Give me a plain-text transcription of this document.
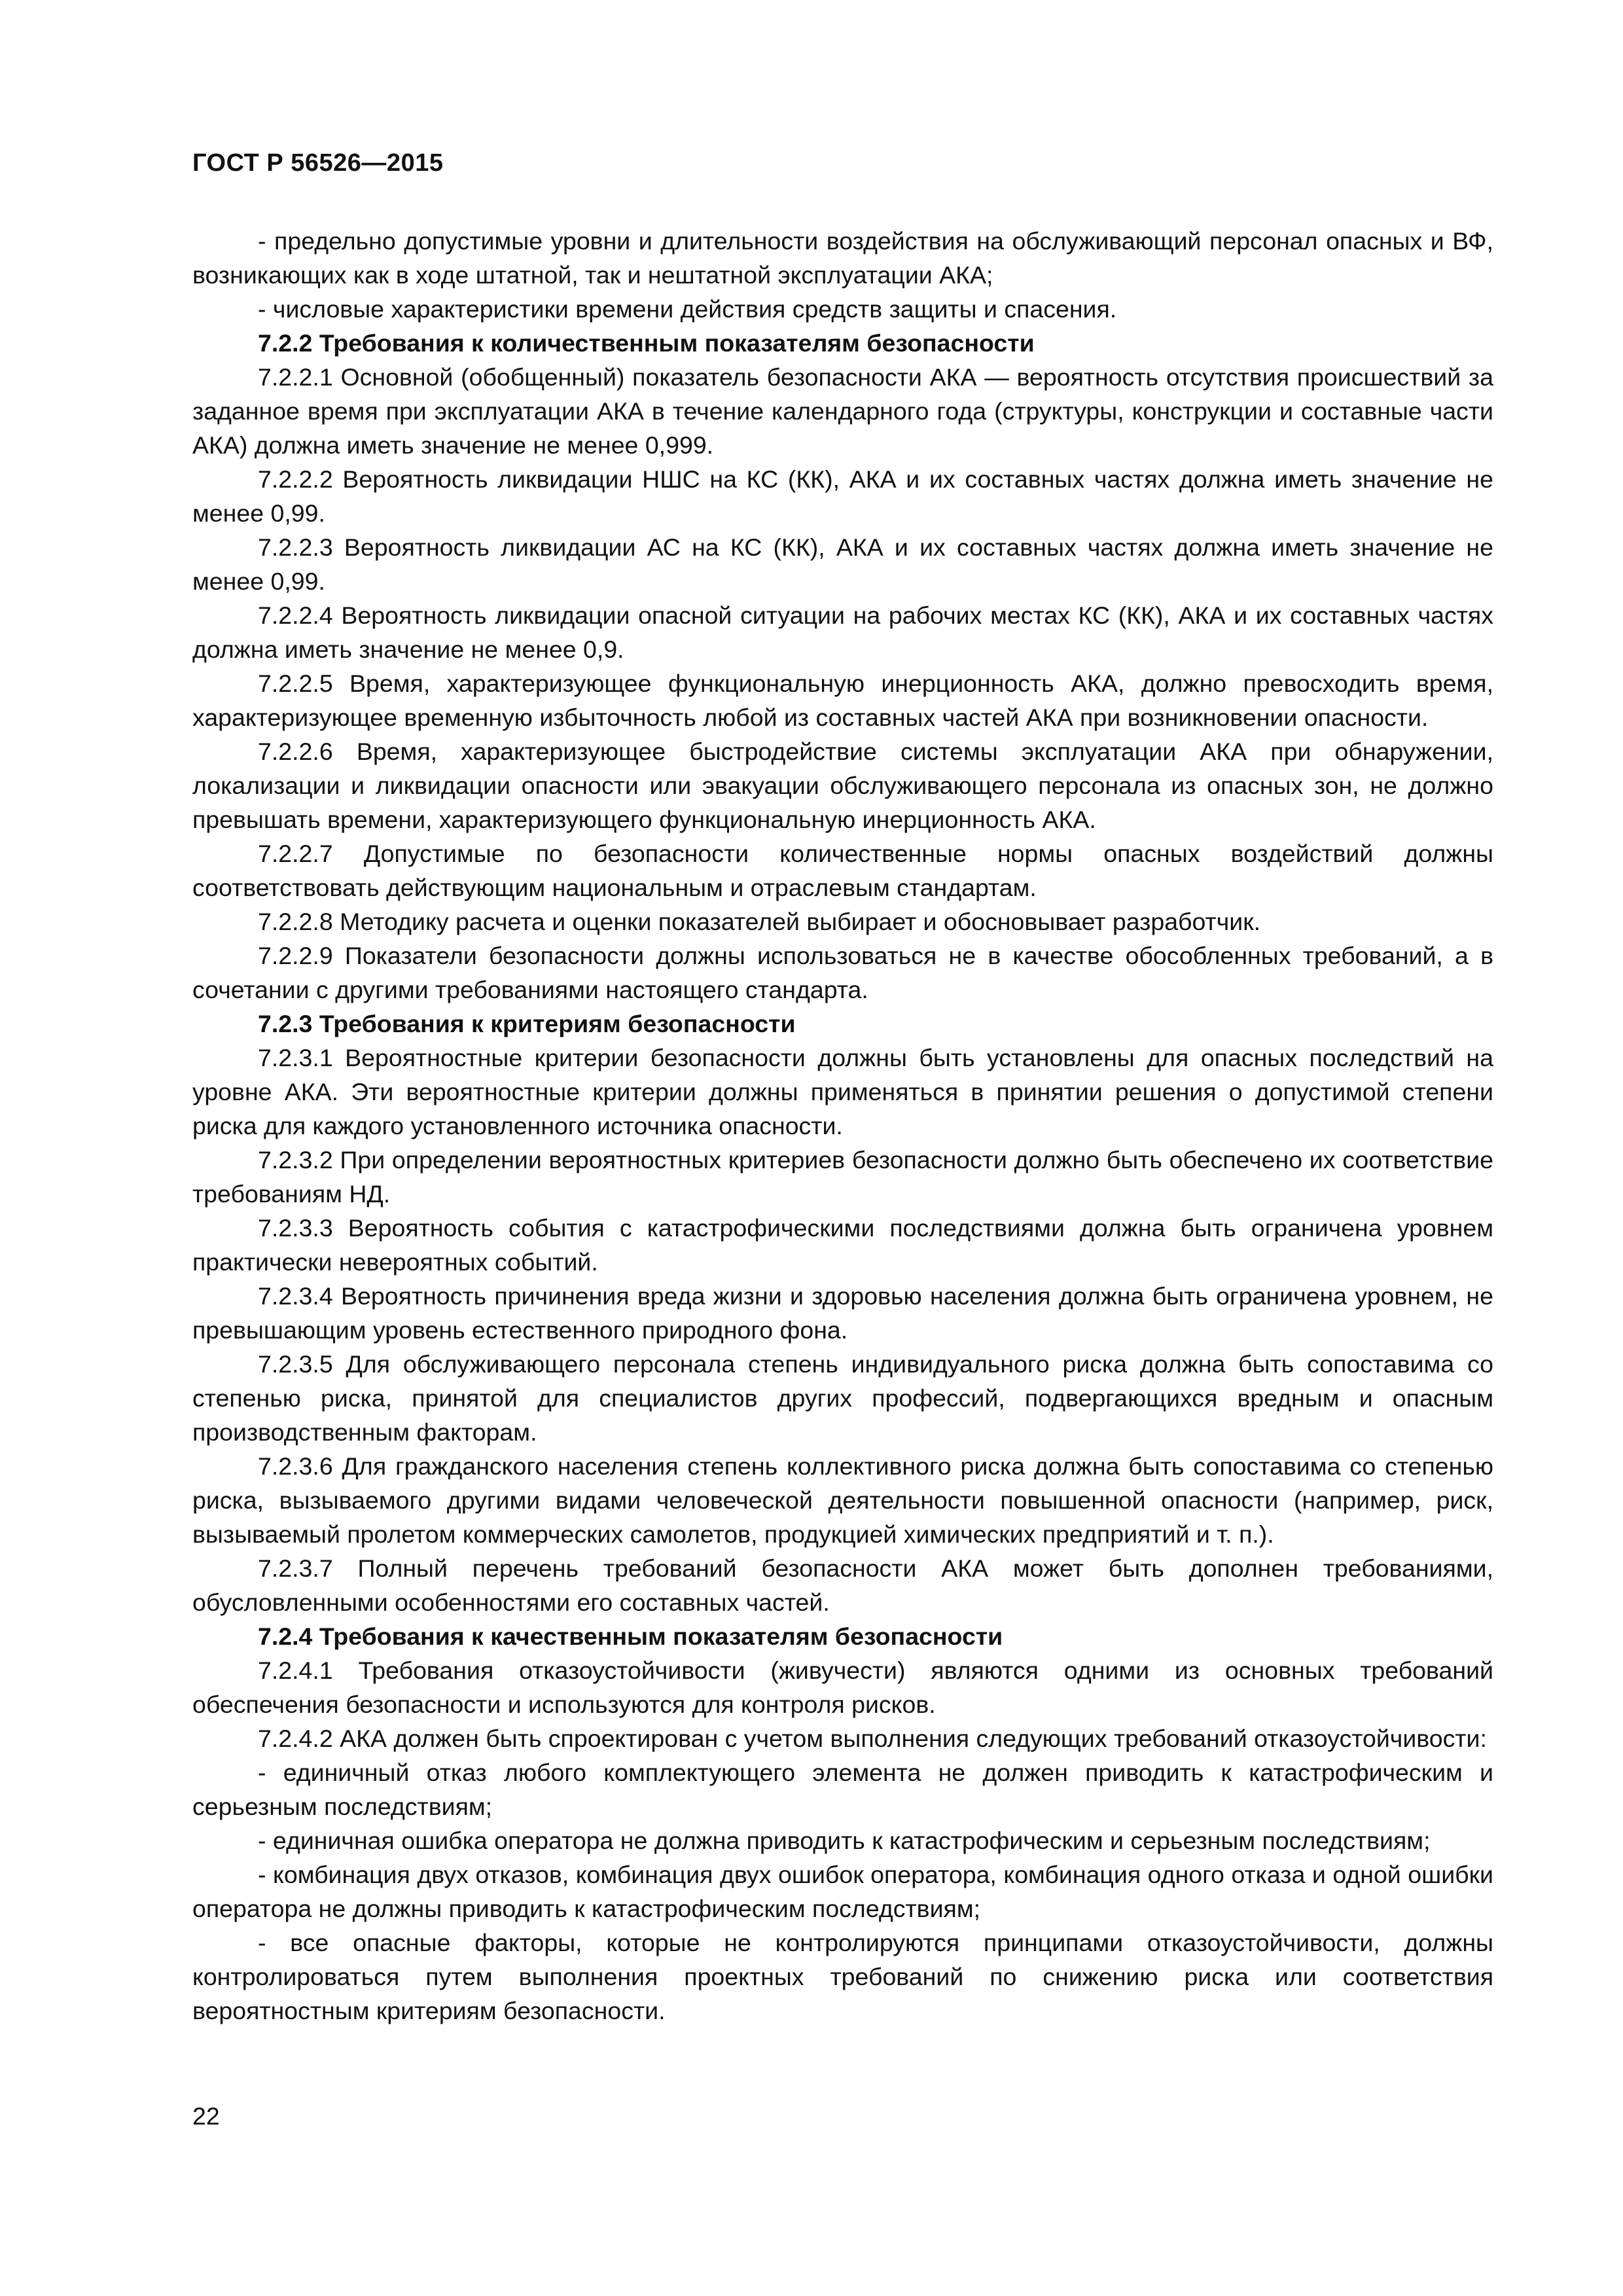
ГОСТ Р 56526—2015

- предельно допустимые уровни и длительности воздействия на обслуживающий персонал опасных и ВФ, возникающих как в ходе штатной, так и нештатной эксплуатации АКА;

- числовые характеристики времени действия средств защиты и спасения.

7.2.2 Требования к количественным показателям безопасности

7.2.2.1 Основной (обобщенный) показатель безопасности АКА — вероятность отсутствия происшествий за заданное время при эксплуатации АКА в течение календарного года (структуры, конструкции и составные части АКА) должна иметь значение не менее 0,999.

7.2.2.2 Вероятность ликвидации НШС на КС (КК), АКА и их составных частях должна иметь значение не менее 0,99.

7.2.2.3 Вероятность ликвидации АС на КС (КК), АКА и их составных частях должна иметь значение не менее 0,99.

7.2.2.4 Вероятность ликвидации опасной ситуации на рабочих местах КС (КК), АКА и их составных частях должна иметь значение не менее 0,9.

7.2.2.5 Время, характеризующее функциональную инерционность АКА, должно превосходить время, характеризующее временную избыточность любой из составных частей АКА при возникновении опасности.

7.2.2.6 Время, характеризующее быстродействие системы эксплуатации АКА при обнаружении, локализации и ликвидации опасности или эвакуации обслуживающего персонала из опасных зон, не должно превышать времени, характеризующего функциональную инерционность АКА.

7.2.2.7 Допустимые по безопасности количественные нормы опасных воздействий должны соответствовать действующим национальным и отраслевым стандартам.

7.2.2.8 Методику расчета и оценки показателей выбирает и обосновывает разработчик.

7.2.2.9 Показатели безопасности должны использоваться не в качестве обособленных требований, а в сочетании с другими требованиями настоящего стандарта.

7.2.3 Требования к критериям безопасности

7.2.3.1 Вероятностные критерии безопасности должны быть установлены для опасных последствий на уровне АКА. Эти вероятностные критерии должны применяться в принятии решения о допустимой степени риска для каждого установленного источника опасности.

7.2.3.2 При определении вероятностных критериев безопасности должно быть обеспечено их соответствие требованиям НД.

7.2.3.3 Вероятность события с катастрофическими последствиями должна быть ограничена уровнем практически невероятных событий.

7.2.3.4 Вероятность причинения вреда жизни и здоровью населения должна быть ограничена уровнем, не превышающим уровень естественного природного фона.

7.2.3.5 Для обслуживающего персонала степень индивидуального риска должна быть сопоставима со степенью риска, принятой для специалистов других профессий, подвергающихся вредным и опасным производственным факторам.

7.2.3.6 Для гражданского населения степень коллективного риска должна быть сопоставима со степенью риска, вызываемого другими видами человеческой деятельности повышенной опасности (например, риск, вызываемый пролетом коммерческих самолетов, продукцией химических предприятий и т. п.).

7.2.3.7 Полный перечень требований безопасности АКА может быть дополнен требованиями, обусловленными особенностями его составных частей.

7.2.4 Требования к качественным показателям безопасности

7.2.4.1 Требования отказоустойчивости (живучести) являются одними из основных требований обеспечения безопасности и используются для контроля рисков.

7.2.4.2 АКА должен быть спроектирован с учетом выполнения следующих требований отказоустойчивости:

- единичный отказ любого комплектующего элемента не должен приводить к катастрофическим и серьезным последствиям;

- единичная ошибка оператора не должна приводить к катастрофическим и серьезным последствиям;

- комбинация двух отказов, комбинация двух ошибок оператора, комбинация одного отказа и одной ошибки оператора не должны приводить к катастрофическим последствиям;

- все опасные факторы, которые не контролируются принципами отказоустойчивости, должны контролироваться путем выполнения проектных требований по снижению риска или соответствия вероятностным критериям безопасности.

22
